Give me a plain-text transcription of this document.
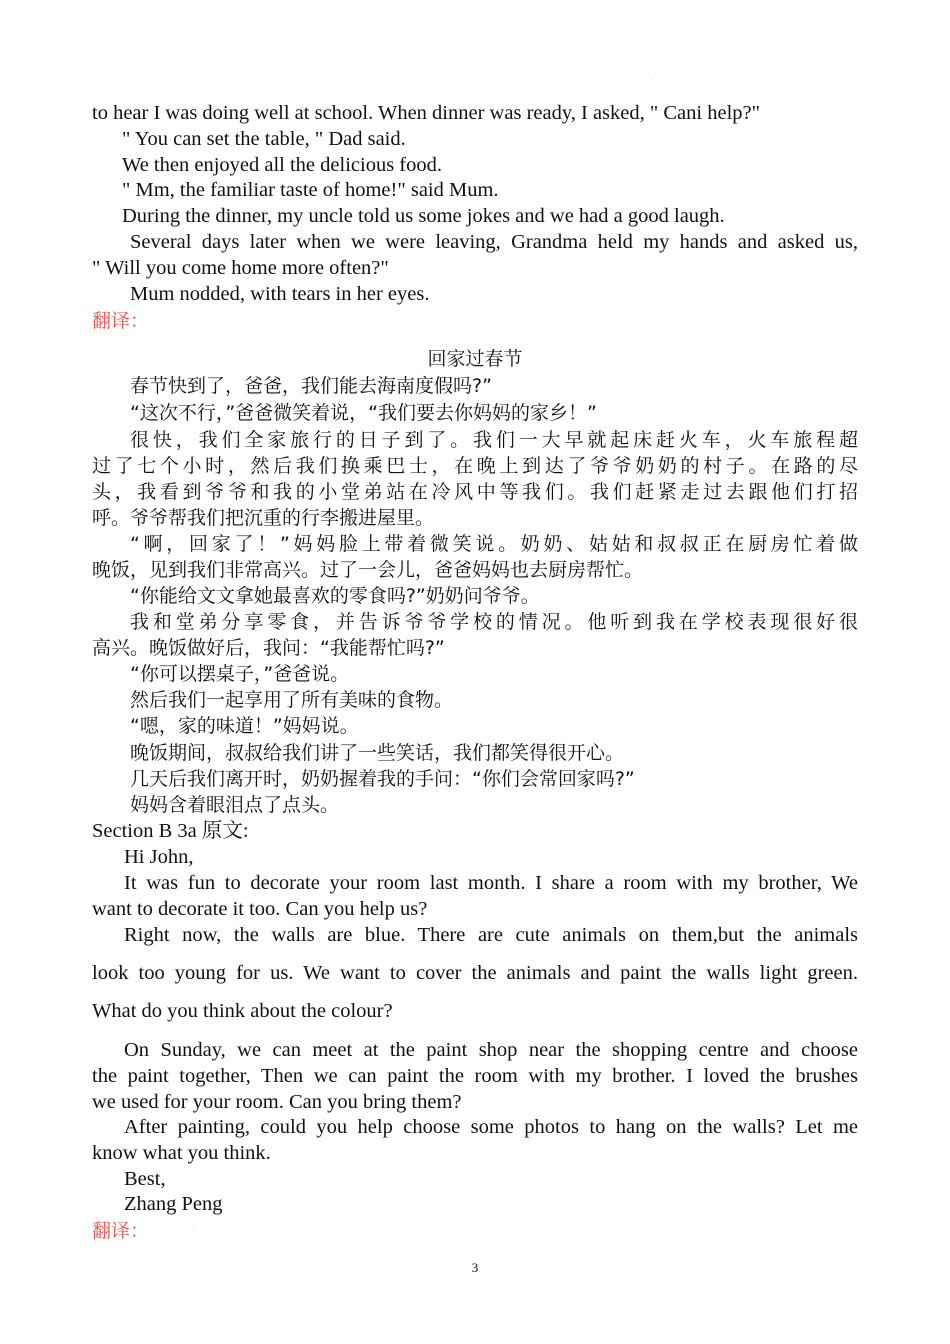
.
to hear I was doing well at school. When dinner was ready, I asked, " Cani help?"
" You can set the table, " Dad said.
We then enjoyed all the delicious food.
" Mm, the familiar taste of home!" said Mum.
During the dinner, my uncle told us some jokes and we had a good laugh.
Several days later when we were leaving, Grandma held my hands and asked us,
" Will you come home more often?"
Mum nodded, with tears in her eyes.
翻译：
回家过春节
春节快到了，爸爸，我们能去海南度假吗?”
“这次不行，”爸爸微笑着说，“我们要去你妈妈的家乡！”
很快，我们全家旅行的日子到了。我们一大早就起床赶火车，火车旅程超
过了七个小时，然后我们换乘巴士，在晚上到达了爷爷奶奶的村子。在路的尽
头，我看到爷爷和我的小堂弟站在冷风中等我们。我们赶紧走过去跟他们打招
呼。爷爷帮我们把沉重的行李搬进屋里。
“啊，回家了！”妈妈脸上带着微笑说。奶奶、姑姑和叔叔正在厨房忙着做
晚饭，见到我们非常高兴。过了一会儿，爸爸妈妈也去厨房帮忙。
“你能给文文拿她最喜欢的零食吗?”奶奶问爷爷。
我和堂弟分享零食，并告诉爷爷学校的情况。他听到我在学校表现很好很
高兴。晚饭做好后，我问：“我能帮忙吗?”
“你可以摆桌子，”爸爸说。
然后我们一起享用了所有美味的食物。
“嗯，家的味道！”妈妈说。
晚饭期间，叔叔给我们讲了一些笑话，我们都笑得很开心。
几天后我们离开时，奶奶握着我的手问：“你们会常回家吗?”
妈妈含着眼泪点了点头。
Section B 3a 原文:
Hi John,
It was fun to decorate your room last month. I share a room with my brother, We
want to decorate it too. Can you help us?
Right now, the walls are blue. There are cute animals on them,but the animals
look too young for us. We want to cover the animals and paint the walls light green.
What do you think about the colour?
On Sunday, we can meet at the paint shop near the shopping centre and choose
the paint together, Then we can paint the room with my brother. I loved the brushes
we used for your room. Can you bring them?
After painting, could you help choose some photos to hang on the walls? Let me
know what you think.
Best,
Zhang Peng
翻译：	.
3
